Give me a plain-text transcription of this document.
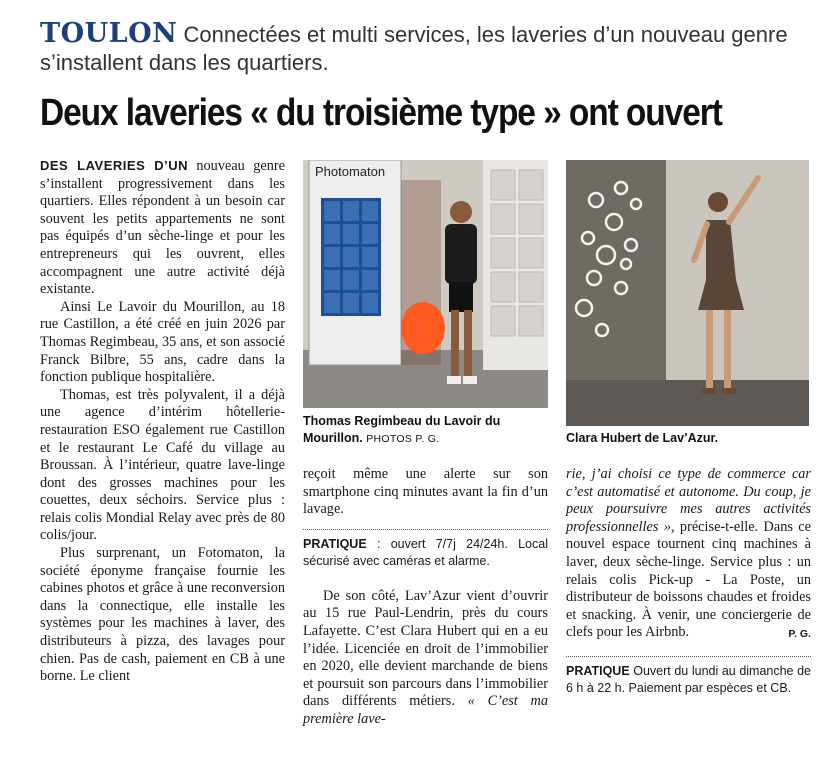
TOULON Connectées et multi services, les laveries d’un nouveau genre s’installent dans les quartiers.
Deux laveries « du troisième type » ont ouvert

DES LAVERIES D’UN nouveau genre s’installent progressivement dans les quartiers. Elles répondent à un besoin car souvent les petits appartements ne sont pas équipés d’un sèche-linge et pour les entrepreneurs qui les ouvrent, elles accompagnent une autre activité déjà existante.

Ainsi Le Lavoir du Mourillon, au 18 rue Castillon, a été créé en juin 2026 par Thomas Regimbeau, 35 ans, et son associé Franck Bilbre, 55 ans, cadre dans la fonction publique hospitalière.

Thomas, est très polyvalent, il a déjà une agence d’intérim hôtellerie-restauration ESO également rue Castillon et le restaurant Le Café du village au Broussan. À l’intérieur, quatre lave-linge dont des grosses machines pour les couettes, deux séchoirs. Service plus : relais colis Mondial Relay avec près de 80 colis/jour.

Plus surprenant, un Fotomaton, la société éponyme française fournie les cabines photos et grâce à une reconversion dans la connectique, elle installe les systèmes pour les machines à laver, des distributeurs à pizza, des lavages pour chien. Pas de cash, paiement en CB à une borne. Le client

Photomaton
Thomas Regimbeau du Lavoir du Mourillon. PHOTOS P. G.	Clara Hubert de Lav’Azur.

reçoit même une alerte sur son smartphone cinq minutes avant la fin d’un lavage.

PRATIQUE : ouvert 7/7j 24/24h. Local sécurisé avec caméras et alarme.

De son côté, Lav’Azur vient d’ouvrir au 15 rue Paul-Lendrin, près du cours Lafayette. C’est Clara Hubert qui en a eu l’idée. Licenciée en droit de l’immobilier en 2020, elle devient marchande de biens et poursuit son parcours dans l’immobilier dans différents métiers. « C’est ma première lave-

rie, j’ai choisi ce type de commerce car c’est automatisé et autonome. Du coup, je peux poursuivre mes autres activités professionnelles », précise-t-elle. Dans ce nouvel espace tournent cinq machines à laver, deux sèche-linge. Service plus : un relais colis Pick-up - La Poste, un distributeur de boissons chaudes et froides et snacking. À venir, une conciergerie de clefs pour les Airbnb.	P. G.

PRATIQUE Ouvert du lundi au dimanche de 6 h à 22 h. Paiement par espèces et CB.
